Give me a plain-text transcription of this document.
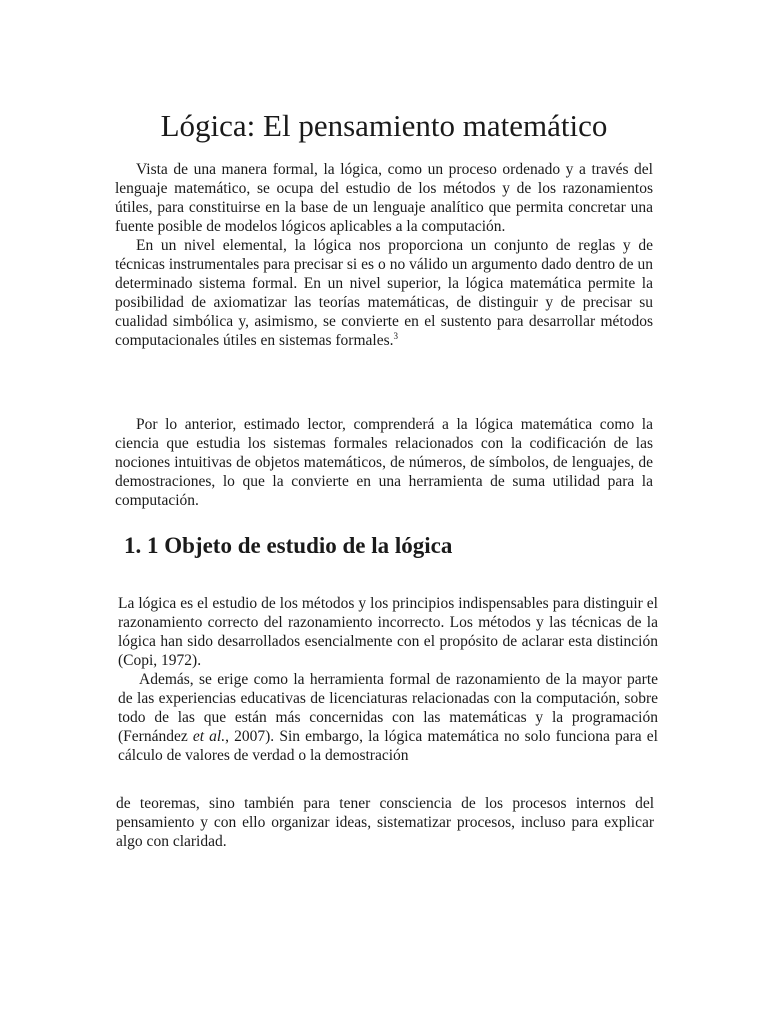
Lógica: El pensamiento matemático

Vista de una manera formal, la lógica, como un proceso ordenado y a través del lenguaje matemático, se ocupa del estudio de los métodos y de los razonamientos útiles, para constituirse en la base de un lenguaje analítico que permita concretar una fuente posible de modelos lógicos aplicables a la computación.

En un nivel elemental, la lógica nos proporciona un conjunto de reglas y de técnicas instrumentales para precisar si es o no válido un argumento dado dentro de un determinado sistema formal. En un nivel superior, la lógica matemática permite la posibilidad de axiomatizar las teorías matemáticas, de distinguir y de precisar su cualidad simbólica y, asimismo, se convierte en el sustento para desarrollar métodos computacionales útiles en sistemas formales.$^3$

Por lo anterior, estimado lector, comprenderá a la lógica matemática como la ciencia que estudia los sistemas formales relacionados con la codificación de las nociones intuitivas de objetos matemáticos, de números, de símbolos, de lenguajes, de demostraciones, lo que la convierte en una herramienta de suma utilidad para la computación.

1. 1 Objeto de estudio de la lógica

La lógica es el estudio de los métodos y los principios indispensables para distinguir el razonamiento correcto del razonamiento incorrecto. Los métodos y las técnicas de la lógica han sido desarrollados esencialmente con el propósito de aclarar esta distinción (Copi, 1972).

Además, se erige como la herramienta formal de razonamiento de la mayor parte de las experiencias educativas de licenciaturas relacionadas con la computación, sobre todo de las que están más concernidas con las matemáticas y la programación (Fernández et al., 2007). Sin embargo, la lógica matemática no solo funciona para el cálculo de valores de verdad o la demostración

de teoremas, sino también para tener consciencia de los procesos internos del pensamiento y con ello organizar ideas, sistematizar procesos, incluso para explicar algo con claridad.
